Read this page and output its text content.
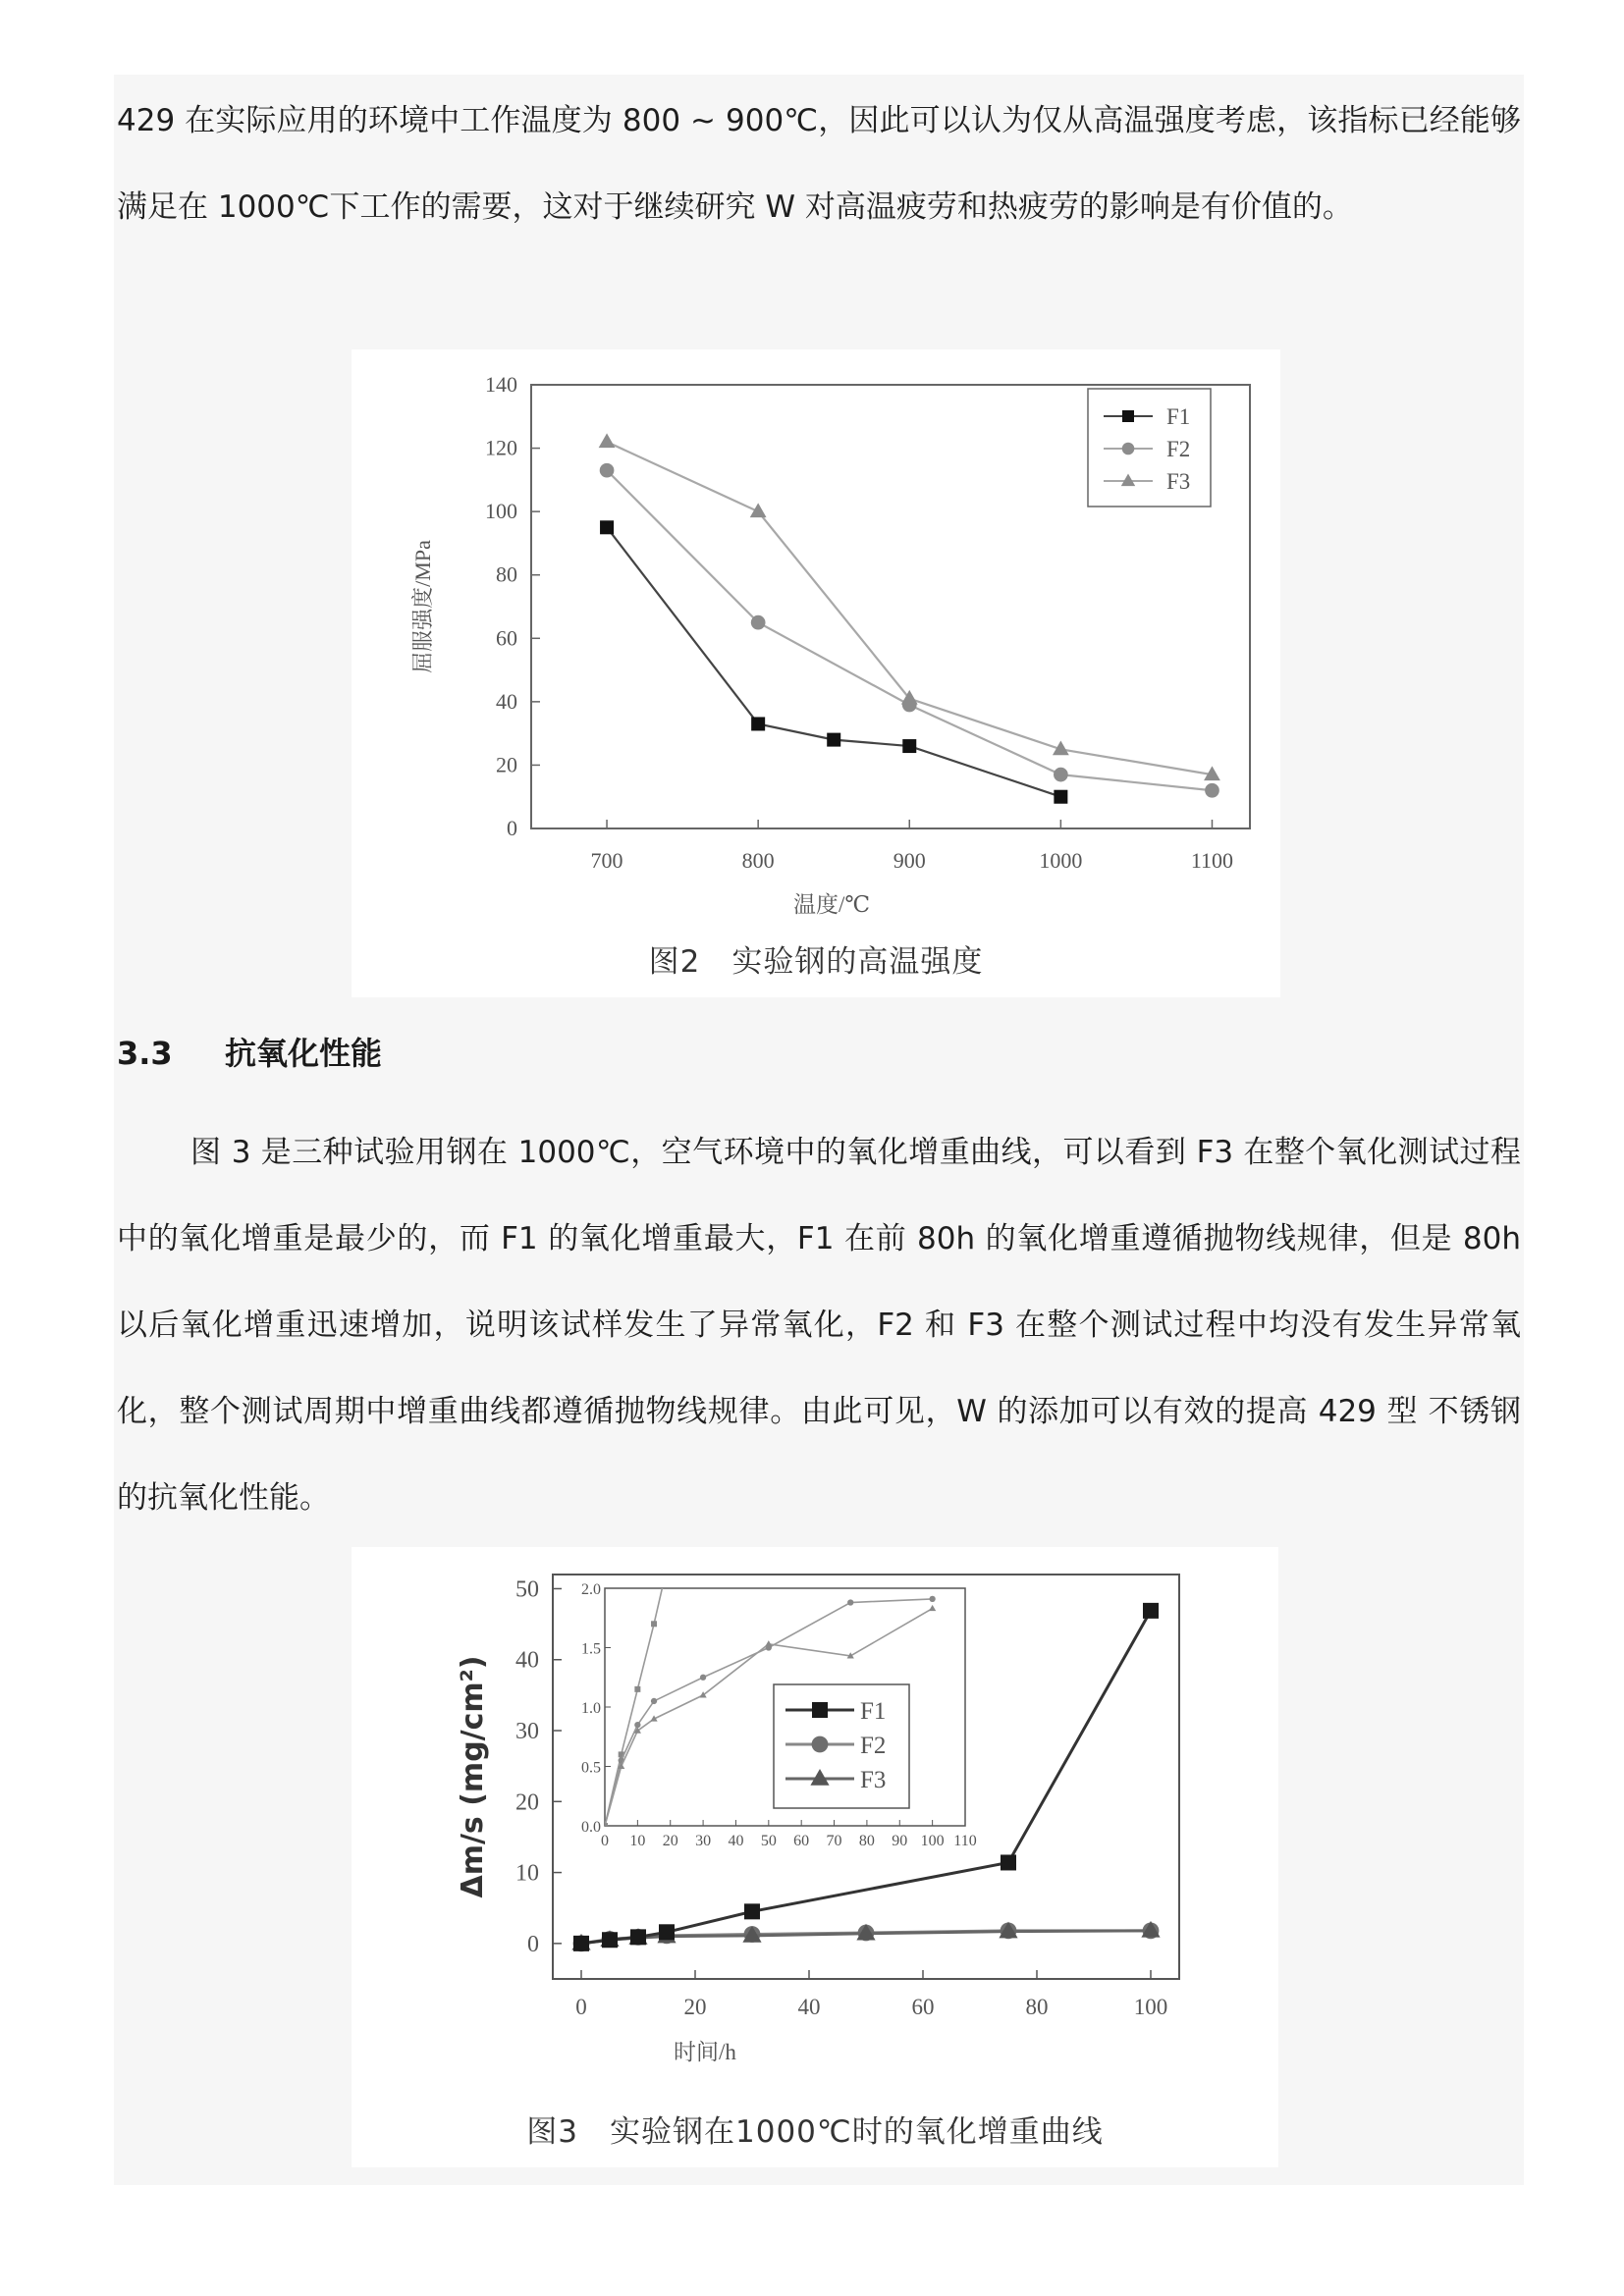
429 在实际应用的环境中工作温度为 800 ~ 900℃，因此可以认为仅从高温强度考虑，该指标已经能够满足在 1000℃下工作的需要，这对于继续研究 W 对高温疲劳和热疲劳的影响是有价值的。
0
20
40
60
80
100
120
140
700	800	900	1000	1100
温度/℃
屈服强度/MPa
F1
F2
F3
图2　实验钢的高温强度
3.3 抗氧化性能
图 3 是三种试验用钢在 1000℃，空气环境中的氧化增重曲线，可以看到 F3 在整个氧化测试过程中的氧化增重是最少的，而 F1 的氧化增重最大，F1 在前 80h 的氧化增重遵循抛物线规律，但是 80h 以后氧化增重迅速增加，说明该试样发生了异常氧化，F2 和 F3 在整个测试过程中均没有发生异常氧化，整个测试周期中增重曲线都遵循抛物线规律。由此可见，W 的添加可以有效的提高 429 型 不锈钢的抗氧化性能。
0
10
20
30
40
50
0	20	40	60	80	100
时间/h
Δm/s (mg/cm²)	0.0
0.5
1.0
1.5
2.0
0 10 20 30 40 50 60 70 80 90 100 110
F1
F2
F3
图3　实验钢在1000℃时的氧化增重曲线
